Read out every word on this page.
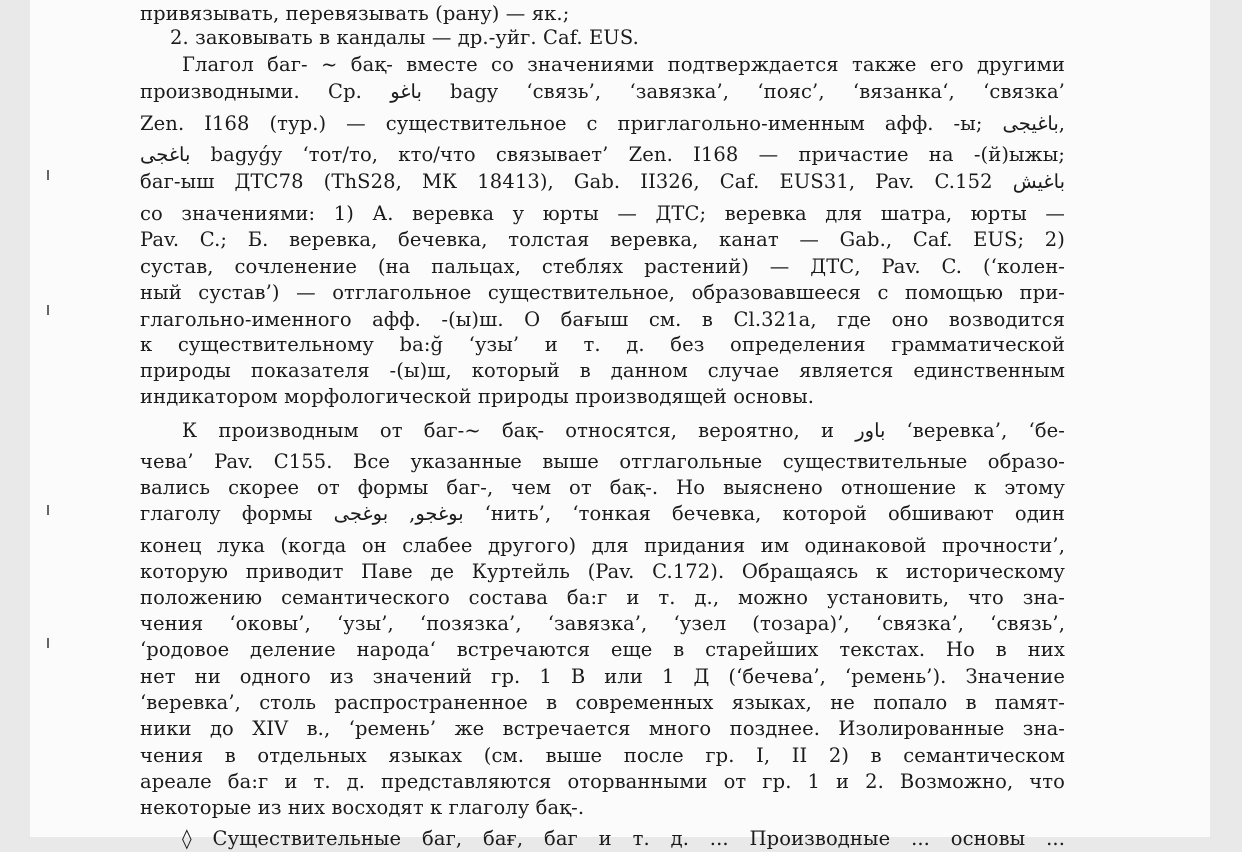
привязывать, перевязывать (рану) — як.;
2. заковывать в кандалы — др.-уйг. Caf. EUS.
Глагол баг- ~ бақ- вместе со значениями подтверждается также его другими
производными. Ср. باغو bagy ‘связь’, ‘завязка’, ‘пояс’, ‘вязанка‘, ‘связка’
Zen. I168 (тур.) — существительное с приглагольно-именным афф. -ы; باغيجى,
باغجى bagyǵy ‘тот/то, кто/что связывает’ Zen. I168 — причастие на -(й)ыжы;
баг-ыш ДТС78 (ThS28, МК 18413), Gab. II326, Caf. EUS31, Pav. C.152 باغيش
со значениями: 1) А. веревка у юрты — ДТС; веревка для шатра, юрты —
Pav. C.; Б. веревка, бечевка, толстая веревка, канат — Gab., Caf. EUS; 2)
сустав, сочленение (на пальцах, стеблях растений) — ДТС, Pav. C. (‘колен-
ный сустав’) — отглагольное существительное, образовавшееся с помощью при-
глагольно-именного афф. -(ы)ш. О бағыш см. в Cl.321а, где оно возводится
к существительному ba:ğ ‘узы’ и т. д. без определения грамматической
природы показателя -(ы)ш, который в данном случае является единственным
индикатором морфологической природы производящей основы.
К производным от баг-~ бақ- относятся, вероятно, и باور ‘веревка’, ‘бе-
чева’ Pav. C155. Все указанные выше отглагольные существительные образо-
вались скорее от формы баг-, чем от бақ-. Но выяснено отношение к этому
глаголу формы بوغجو, بوغجى ‘нить’, ‘тонкая бечевка, которой обшивают один
конец лука (когда он слабее другого) для придания им одинаковой прочности’,
которую приводит Паве де Куртейль (Pav. C.172). Обращаясь к историческому
положению семантического состава ба:г и т. д., можно установить, что зна-
чения ‘оковы’, ‘узы’, ‘позязка’, ‘завязка’, ‘узел (тозара)’, ‘связка’, ‘связь’,
‘родовое деление народа‘ встречаются еще в старейших текстах. Но в них
нет ни одного из значений гр. 1 В или 1 Д (‘бечева’, ‘ремень’). Значение
‘веревка’, столь распространенное в современных языках, не попало в памят-
ники до XIV в., ‘ремень’ же встречается много позднее. Изолированные зна-
чения в отдельных языках (см. выше после гр. I, II 2) в семантическом
ареале ба:г и т. д. представляются оторванными от гр. 1 и 2. Возможно, что
некоторые из них восходят к глаголу бақ-.
◊ Существительные баг, бағ, баг и т. д. ... Производные ... основы ...
